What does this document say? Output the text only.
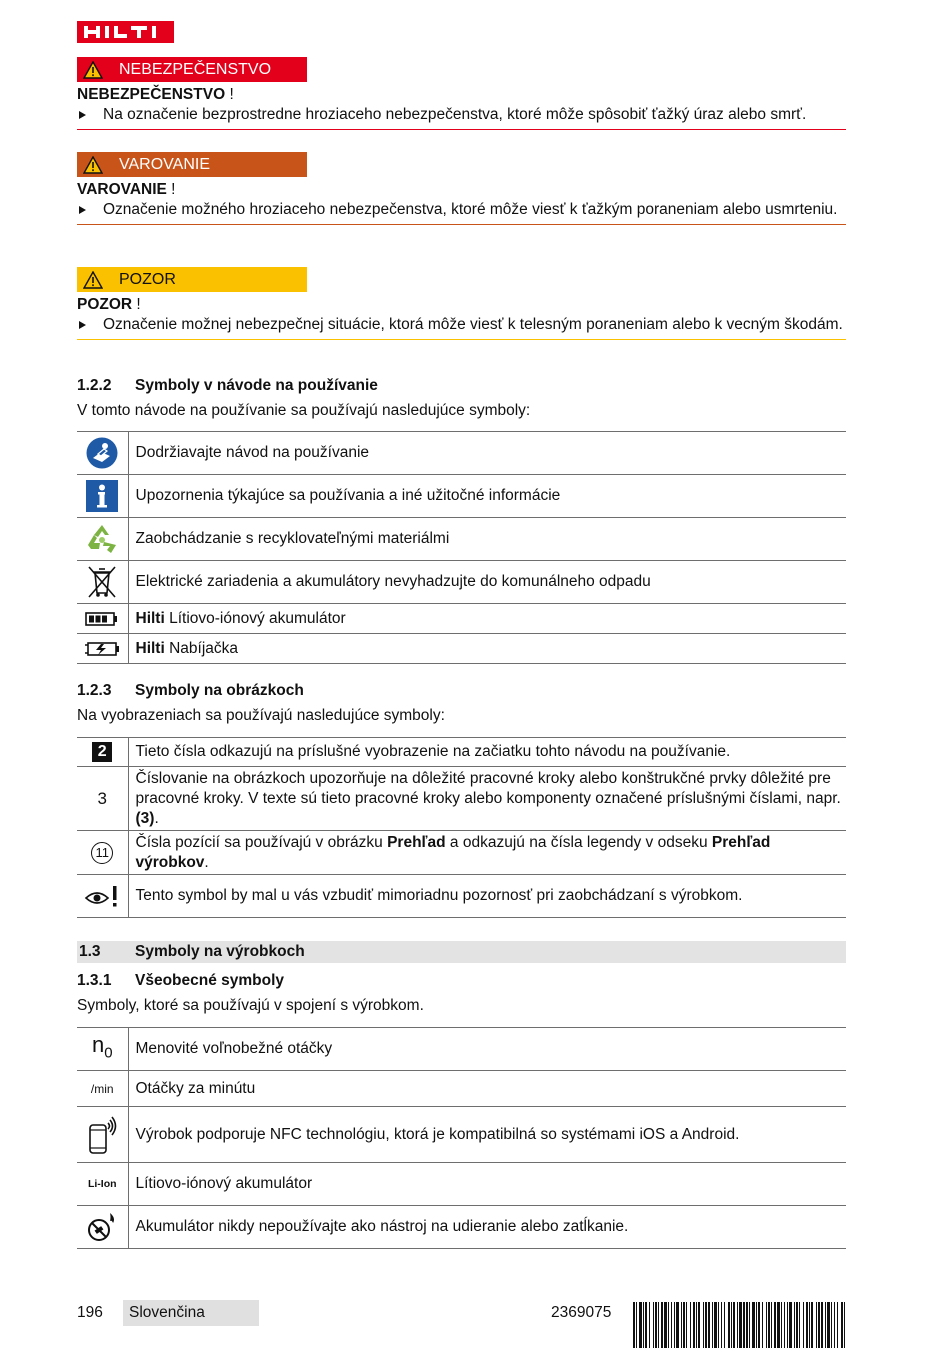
NEBEZPEČENSTVO
NEBEZPEČENSTVO !
Na označenie bezprostredne hroziaceho nebezpečenstva, ktoré môže spôsobiť ťažký úraz alebo smrť.
VAROVANIE
VAROVANIE !
Označenie možného hroziaceho nebezpečenstva, ktoré môže viesť k ťažkým poraneniam alebo usmrteniu.
POZOR
POZOR !
Označenie možnej nebezpečnej situácie, ktorá môže viesť k telesným poraneniam alebo k vecným škodám.
1.2.2 Symboly v návode na používanie
V tomto návode na používanie sa používajú nasledujúce symboly:
	Dodržiavajte návod na používanie

	Upozornenia týkajúce sa používania a iné užitočné informácie

	Zaobchádzanie s recyklovateľnými materiálmi

	Elektrické zariadenia a akumulátory nevyhadzujte do komunálneho odpadu

	Hilti Lítiovo-iónový akumulátor

	Hilti Nabíjačka
1.2.3 Symboly na obrázkoch
Na vyobrazeniach sa používajú nasledujúce symboly:
2	Tieto čísla odkazujú na príslušné vyobrazenie na začiatku tohto návodu na používanie.

3	Číslovanie na obrázkoch upozorňuje na dôležité pracovné kroky alebo konštrukčné prvky dôležité pre pracovné kroky. V texte sú tieto pracovné kroky alebo komponenty označené príslušnými číslami, napr. (3).

11	Čísla pozícií sa používajú v obrázku Prehľad a odkazujú na čísla legendy v odseku Prehľad výrobkov.

	Tento symbol by mal u vás vzbudiť mimoriadnu pozornosť pri zaobchádzaní s výrobkom.
1.3	Symboly na výrobkoch
1.3.1 Všeobecné symboly
Symboly, ktoré sa používajú v spojení s výrobkom.
$n_0$	Menovité voľnobežné otáčky

/min	Otáčky za minútu

	Výrobok podporuje NFC technológiu, ktorá je kompatibilná so systémami iOS a Android.

Li-Ion	Lítiovo-iónový akumulátor

	Akumulátor nikdy nepoužívajte ako nástroj na udieranie alebo zatĺkanie.
196	Slovenčina	2369075
